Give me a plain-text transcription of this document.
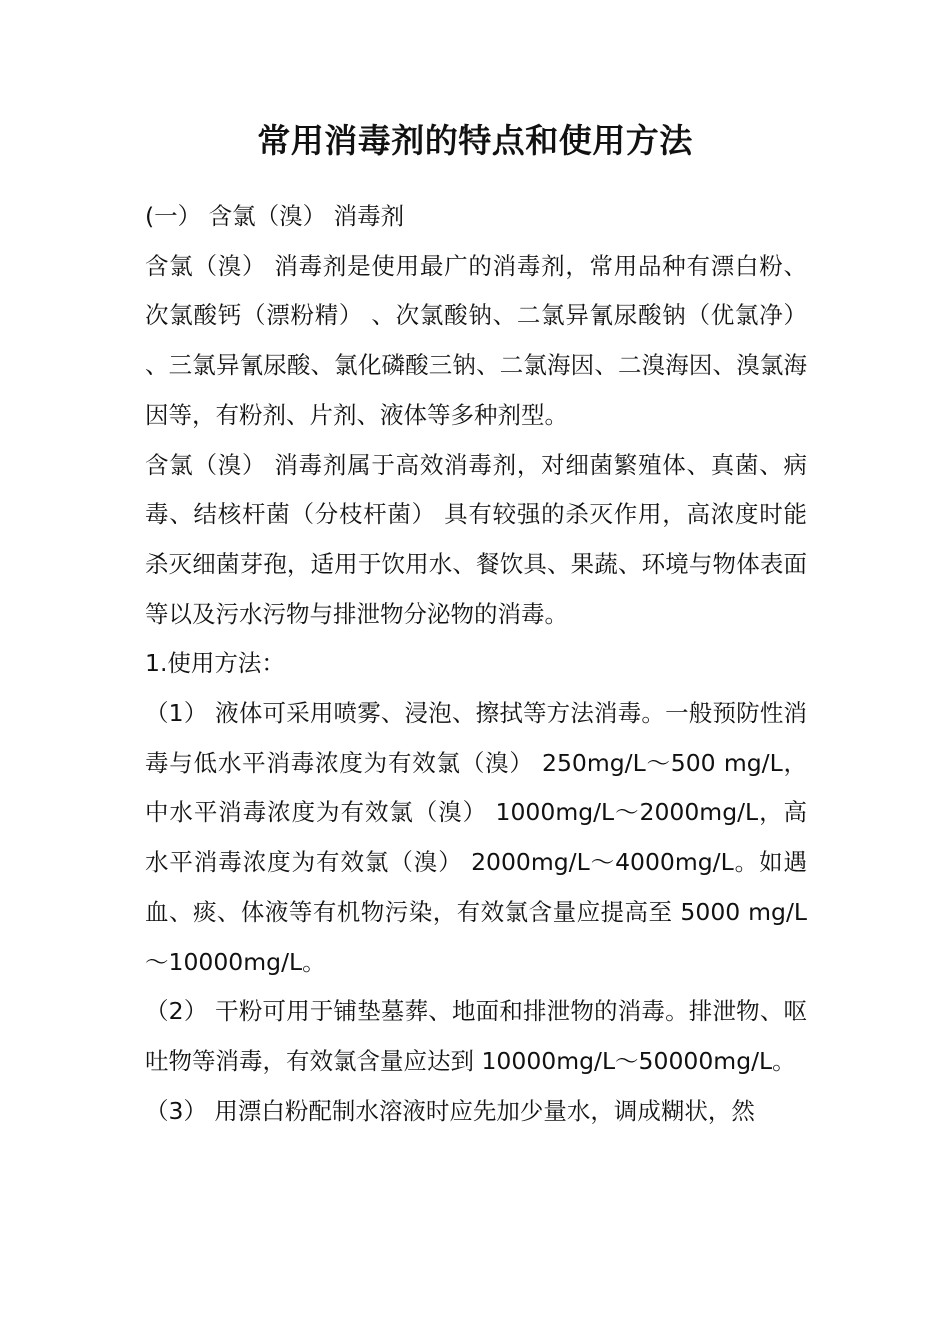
常用消毒剂的特点和使用方法

(一） 含氯（溴） 消毒剂

含氯（溴） 消毒剂是使用最广的消毒剂，常用品种有漂白粉、次氯酸钙（漂粉精） 、次氯酸钠、二氯异氰尿酸钠（优氯净） 、三氯异氰尿酸、氯化磷酸三钠、二氯海因、二溴海因、溴氯海因等，有粉剂、片剂、液体等多种剂型。

含氯（溴） 消毒剂属于高效消毒剂，对细菌繁殖体、真菌、病毒、结核杆菌（分枝杆菌） 具有较强的杀灭作用，高浓度时能杀灭细菌芽孢，适用于饮用水、餐饮具、果蔬、环境与物体表面等以及污水污物与排泄物分泌物的消毒。

1.使用方法：

（1） 液体可采用喷雾、浸泡、擦拭等方法消毒。一般预防性消毒与低水平消毒浓度为有效氯（溴） 250mg/L～500 mg/L，中水平消毒浓度为有效氯（溴） 1000mg/L～2000mg/L，高水平消毒浓度为有效氯（溴） 2000mg/L～4000mg/L。如遇血、痰、体液等有机物污染，有效氯含量应提高至 5000 mg/L～10000mg/L。

（2） 干粉可用于铺垫墓葬、地面和排泄物的消毒。排泄物、呕吐物等消毒，有效氯含量应达到 10000mg/L～50000mg/L。

（3） 用漂白粉配制水溶液时应先加少量水，调成糊状，然
